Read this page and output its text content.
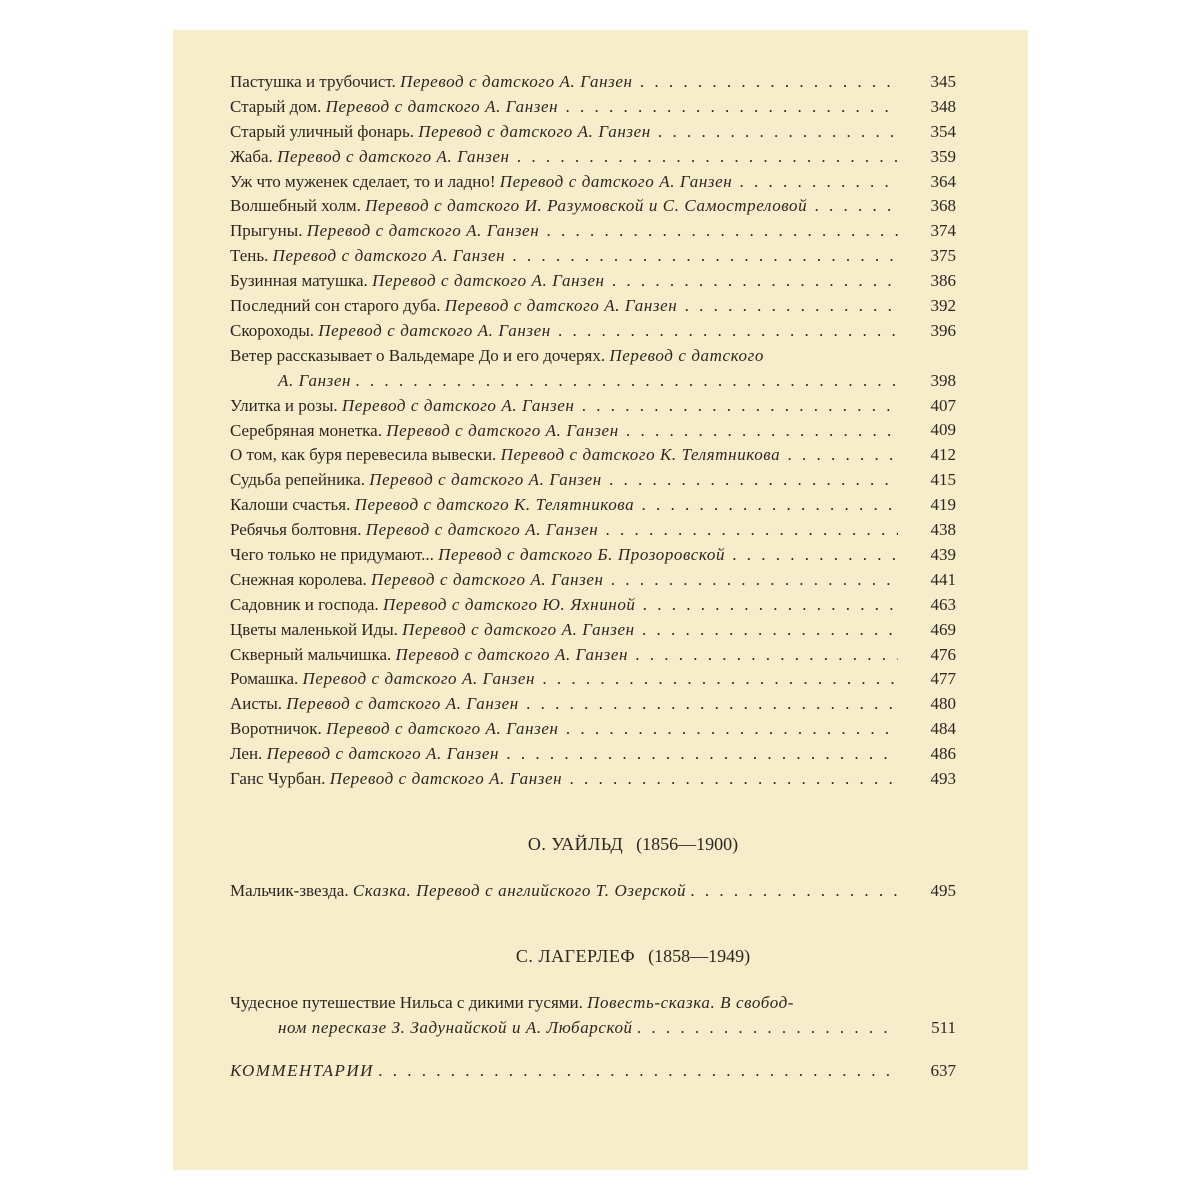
Пастушка и трубочист. Перевод с датского А. Ганзен . . .	345
Старый дом. Перевод с датского А. Ганзен . . .	348
Старый уличный фонарь. Перевод с датского А. Ганзен . . .	354
Жаба. Перевод с датского А. Ганзен . . .	359
Уж что муженек сделает, то и ладно! Перевод с датского А. Ганзен . . .	364
Волшебный холм. Перевод с датского И. Разумовской и С. Самостреловой . . .	368
Прыгуны. Перевод с датского А. Ганзен . . .	374
Тень. Перевод с датского А. Ганзен . . .	375
Бузинная матушка. Перевод с датского А. Ганзен . . .	386
Последний сон старого дуба. Перевод с датского А. Ганзен . . .	392
Скороходы. Перевод с датского А. Ганзен . . .	396
Ветер рассказывает о Вальдемаре До и его дочерях. Перевод с датского
А. Ганзен . . .	398
Улитка и розы. Перевод с датского А. Ганзен . . .	407
Серебряная монетка. Перевод с датского А. Ганзен . . .	409
О том, как буря перевесила вывески. Перевод с датского К. Телятникова . . .	412
Судьба репейника. Перевод с датского А. Ганзен . . .	415
Калоши счастья. Перевод с датского К. Телятникова . . .	419
Ребячья болтовня. Перевод с датского А. Ганзен . . .	438
Чего только не придумают... Перевод с датского Б. Прозоровской . . .	439
Снежная королева. Перевод с датского А. Ганзен . . .	441
Садовник и господа. Перевод с датского Ю. Яхниной . . .	463
Цветы маленькой Иды. Перевод с датского А. Ганзен . . .	469
Скверный мальчишка. Перевод с датского А. Ганзен . . .	476
Ромашка. Перевод с датского А. Ганзен . . .	477
Аисты. Перевод с датского А. Ганзен . . .	480
Воротничок. Перевод с датского А. Ганзен . . .	484
Лен. Перевод с датского А. Ганзен . . .	486
Ганс Чурбан. Перевод с датского А. Ганзен . . .	493
О. УАЙЛЬД (1856—1900)
Мальчик-звезда. Сказка. Перевод с английского Т. Озерской . . .	495
С. ЛАГЕРЛЕФ (1858—1949)
Чудесное путешествие Нильса с дикими гусями. Повесть-сказка. В свобод-
ном пересказе З. Задунайской и А. Любарской . . .	511
КОММЕНТАРИИ . . .	637
